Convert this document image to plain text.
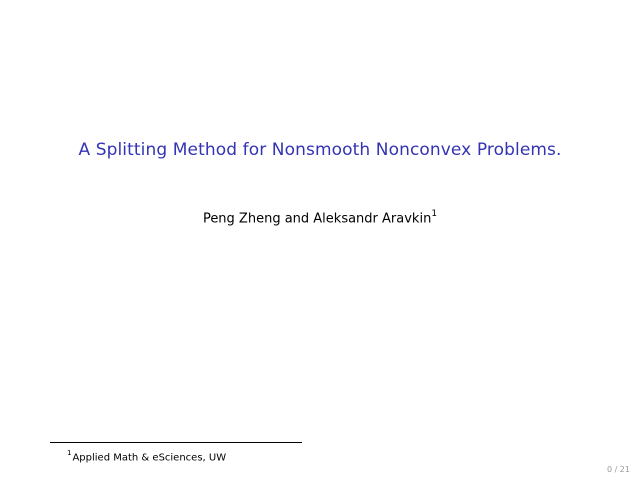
A Splitting Method for Nonsmooth Nonconvex Problems.
Peng Zheng and Aleksandr Aravkin$^1$
$^1$Applied Math & eSciences, UW
0 / 21
